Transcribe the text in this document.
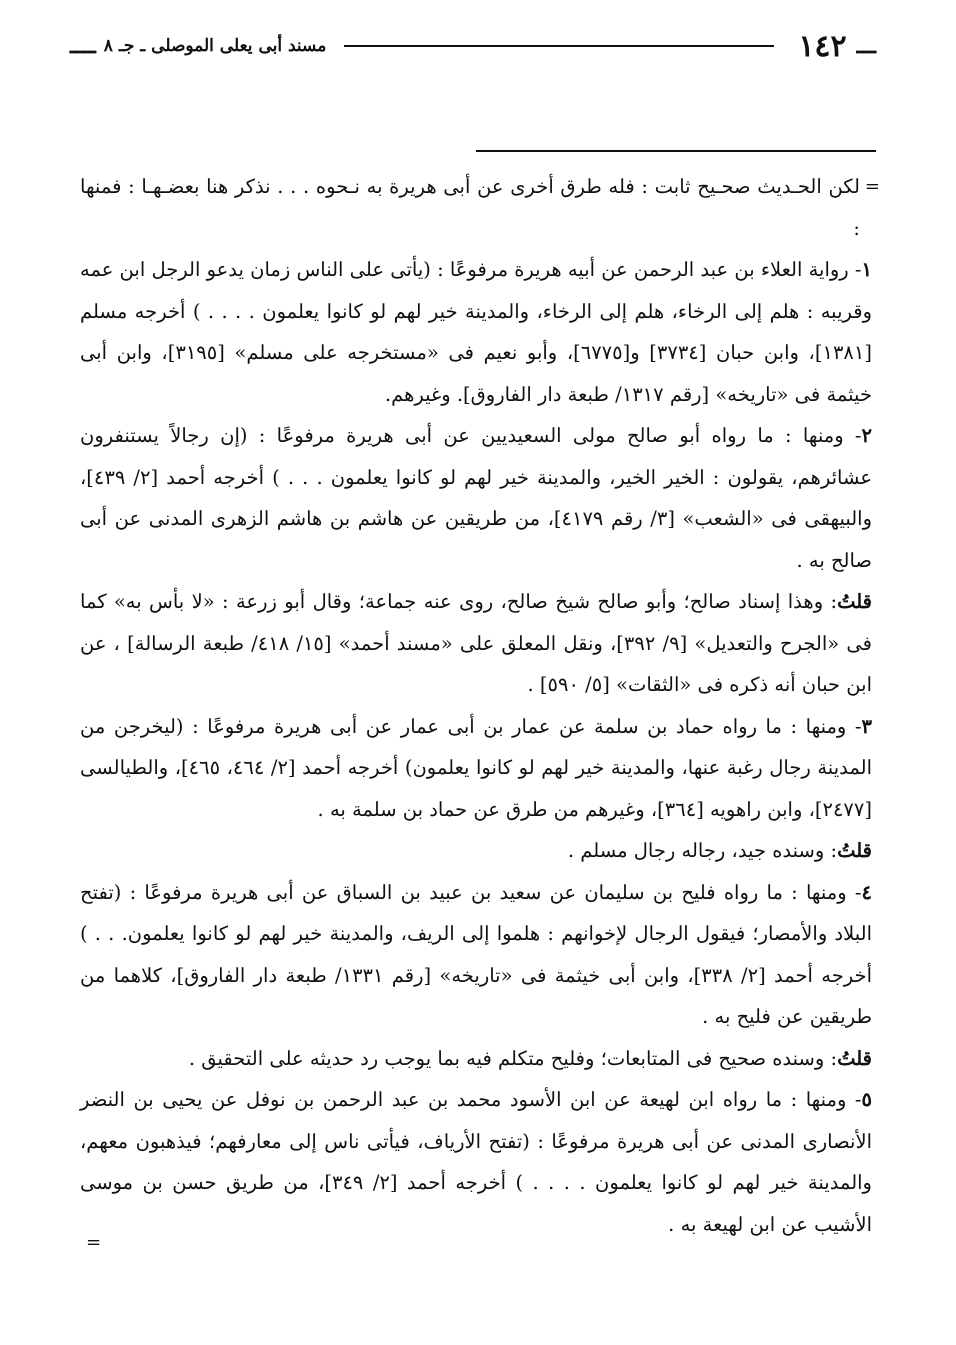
ـــ
١٤٢
مسند أبى يعلى الموصلى ـ جـ ٨
ــــ
=

لكن الحـديث صحـيح ثابت : فله طرق أخرى عن أبى هريرة به نـحوه . . . نذكر هنا بعضـهـا : فمنها :

١- رواية العلاء بن عبد الرحمن عن أبيه هريرة مرفوعًا : (يأتى على الناس زمان يدعو الرجل ابن عمه وقريبه : هلم إلى الرخاء، هلم إلى الرخاء، والمدينة خير لهم لو كانوا يعلمون . . . . ) أخرجه مسلم [١٣٨١]، وابن حبان [٣٧٣٤] و[٦٧٧٥]، وأبو نعيم فى «مستخرجه على مسلم» [٣١٩٥]، وابن أبى خيثمة فى «تاريخه» [رقم ١٣١٧/ طبعة دار الفاروق]. وغيرهم.

٢- ومنها : ما رواه أبو صالح مولى السعيديين عن أبى هريرة مرفوعًا : (إن رجالاً يستنفرون عشائرهم، يقولون : الخير الخير، والمدينة خير لهم لو كانوا يعلمون . . . ) أخرجه أحمد [٢/ ٤٣٩]، والبيهقى فى «الشعب» [٣/ رقم ٤١٧٩]، من طريقين عن هاشم بن هاشم الزهرى المدنى عن أبى صالح به .

قلتُ: وهذا إسناد صالح؛ وأبو صالح شيخ صالح، روى عنه جماعة؛ وقال أبو زرعة : «لا بأس به» كما فى «الجرح والتعديل» [٩/ ٣٩٢]، ونقل المعلق على «مسند أحمد» [١٥/ ٤١٨/ طبعة الرسالة] ، عن ابن حبان أنه ذكره فى «الثقات» [٥/ ٥٩٠] .

٣- ومنها : ما رواه حماد بن سلمة عن عمار بن أبى عمار عن أبى هريرة مرفوعًا : (ليخرجن من المدينة رجال رغبة عنها، والمدينة خير لهم لو كانوا يعلمون) أخرجه أحمد [٢/ ٤٦٤، ٤٦٥]، والطيالسى [٢٤٧٧]، وابن راهويه [٣٦٤]، وغيرهم من طرق عن حماد بن سلمة به .

قلتُ: وسنده جيد، رجاله رجال مسلم .

٤- ومنها : ما رواه فليح بن سليمان عن سعيد بن عبيد بن السباق عن أبى هريرة مرفوعًا : (تفتح البلاد والأمصار؛ فيقول الرجال لإخوانهم : هلموا إلى الريف، والمدينة خير لهم لو كانوا يعلمون. . . ) أخرجه أحمد [٢/ ٣٣٨]، وابن أبى خيثمة فى «تاريخه» [رقم ١٣٣١/ طبعة دار الفاروق]، كلاهما من طريقين عن فليح به .

قلتُ: وسنده صحيح فى المتابعات؛ وفليح متكلم فيه بما يوجب رد حديثه على التحقيق .

٥- ومنها : ما رواه ابن لهيعة عن ابن الأسود محمد بن عبد الرحمن بن نوفل عن يحيى بن النضر الأنصارى المدنى عن أبى هريرة مرفوعًا : (تفتح الأرياف، فيأتى ناس إلى معارفهم؛ فيذهبون معهم، والمدينة خير لهم لو كانوا يعلمون . . . . ) أخرجه أحمد [٢/ ٣٤٩]، من طريق حسن بن موسى الأشيب عن ابن لهيعة به .

=
